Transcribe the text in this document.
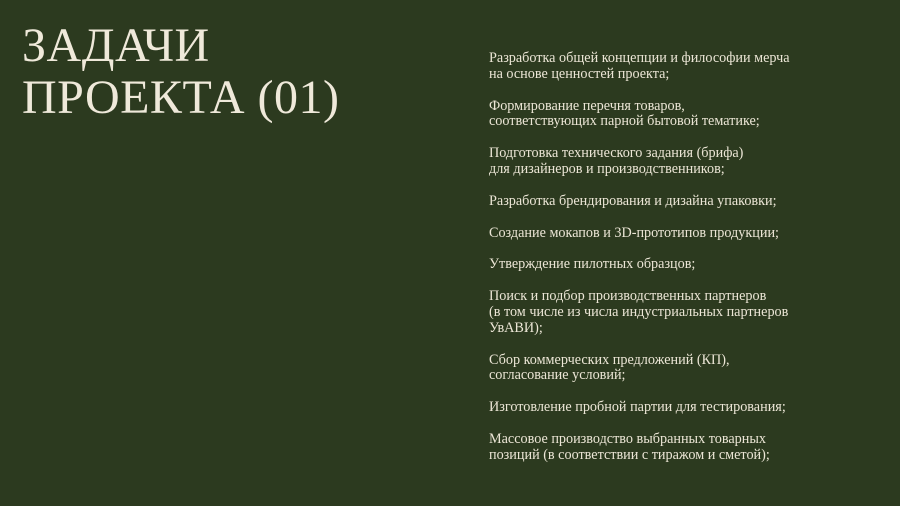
ЗАДАЧИ
ПРОЕКТА (01)
Разработка общей концепции и философии мерча
на основе ценностей проекта;
Формирование перечня товаров,
соответствующих парной бытовой тематике;
Подготовка технического задания (брифа)
для дизайнеров и производственников;
Разработка брендирования и дизайна упаковки;
Создание мокапов и 3D-прототипов продукции;
Утверждение пилотных образцов;
Поиск и подбор производственных партнеров
(в том числе из числа индустриальных партнеров
УвАВИ);
Сбор коммерческих предложений (КП),
согласование условий;
Изготовление пробной партии для тестирования;
Массовое производство выбранных товарных
позиций (в соответствии с тиражом и сметой);
